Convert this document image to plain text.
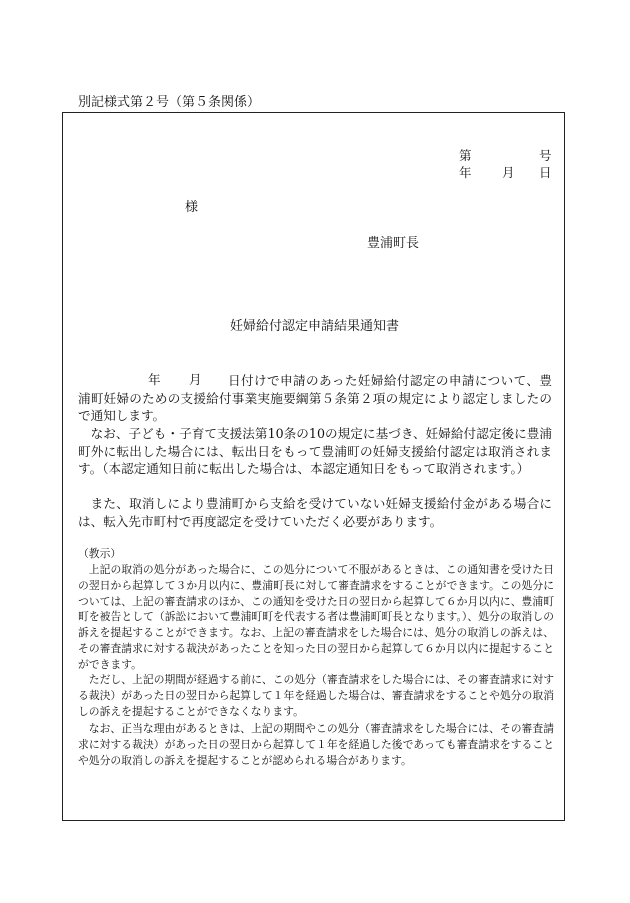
別記様式第２号（第５条関係）
第	号
年 月 日
様
豊浦町長
妊婦給付認定申請結果通知書
年 月	日付けで申請のあった妊婦給付認定の申請について、豊浦町妊婦のための支援給付事業実施要綱第５条第２項の規定により認定しましたので通知します。
なお、子ども・子育て支援法第10条の10の規定に基づき、妊婦給付認定後に豊浦町外に転出した場合には、転出日をもって豊浦町の妊婦支援給付認定は取消されます。（本認定通知日前に転出した場合は、本認定通知日をもって取消されます。）
また、取消しにより豊浦町から支給を受けていない妊婦支援給付金がある場合には、転入先市町村で再度認定を受けていただく必要があります。
（教示）
上記の取消の処分があった場合に、この処分について不服があるときは、この通知書を受けた日の翌日から起算して３か月以内に、豊浦町長に対して審査請求をすることができます。この処分については、上記の審査請求のほか、この通知を受けた日の翌日から起算して６か月以内に、豊浦町町を被告として（訴訟において豊浦町町を代表する者は豊浦町町長となります。）、処分の取消しの訴えを提起することができます。なお、上記の審査請求をした場合には、処分の取消しの訴えは、その審査請求に対する裁決があったことを知った日の翌日から起算して６か月以内に提起することができます。
ただし、上記の期間が経過する前に、この処分（審査請求をした場合には、その審査請求に対する裁決）があった日の翌日から起算して１年を経過した場合は、審査請求をすることや処分の取消しの訴えを提起することができなくなります。
なお、正当な理由があるときは、上記の期間やこの処分（審査請求をした場合には、その審査請求に対する裁決）があった日の翌日から起算して１年を経過した後であっても審査請求をすることや処分の取消しの訴えを提起することが認められる場合があります。
